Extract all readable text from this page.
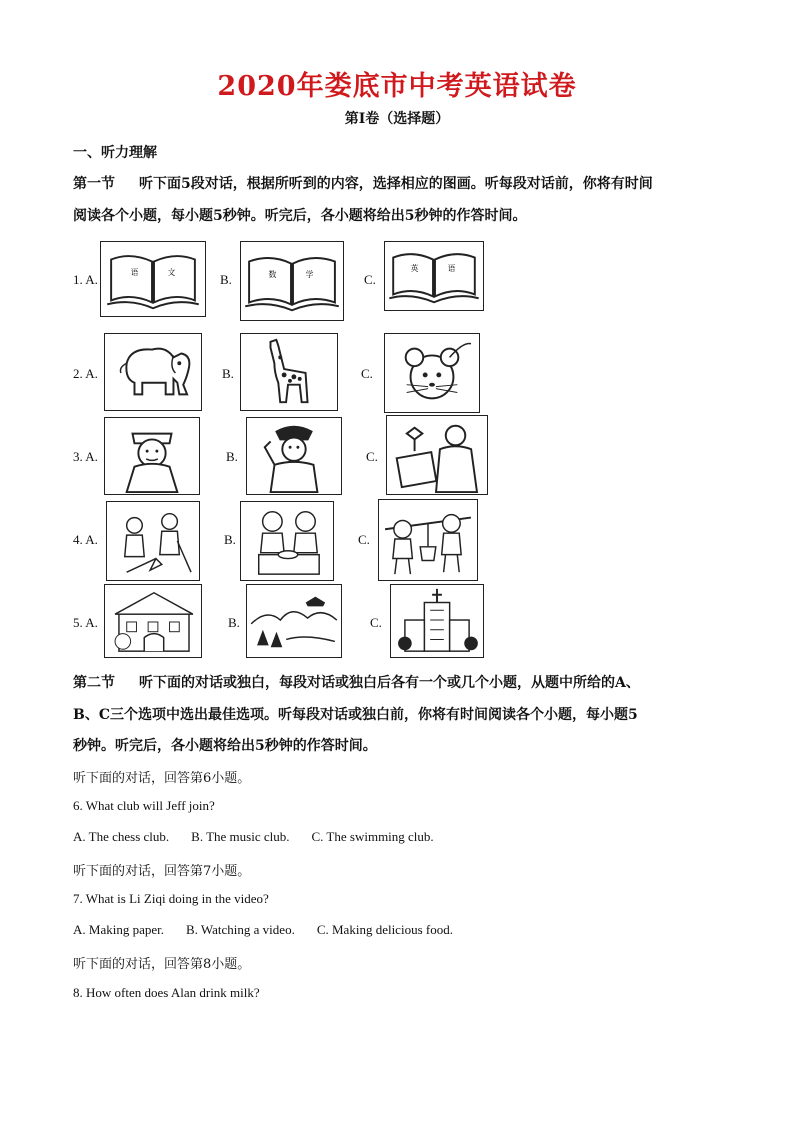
2020年娄底市中考英语试卷
第Ⅰ卷（选择题）
一、听力理解
第一节 听下面5段对话，根据所听到的内容，选择相应的图画。听每段对话前，你将有时间
阅读各个小题，每小题5秒钟。听完后，各小题将给出5秒钟的作答时间。
1. A.	B.	C.
语	文	数	学
英	语
2. A.	B.	C.
3. A.	B.	C.
4. A.	B.	C.
5. A.	B.	C.
第二节 听下面的对话或独白，每段对话或独白后各有一个或几个小题，从题中所给的A、
B、C三个选项中选出最佳选项。听每段对话或独白前，你将有时间阅读各个小题，每小题5
秒钟。听完后，各小题将给出5秒钟的作答时间。
听下面的对话，回答第6小题。
6. What club will Jeff join?
A. The chess club. B. The music club. C. The swimming club.
听下面的对话，回答第7小题。
7. What is Li Ziqi doing in the video?
A. Making paper. B. Watching a video. C. Making delicious food.
听下面的对话，回答第8小题。
8. How often does Alan drink milk?
